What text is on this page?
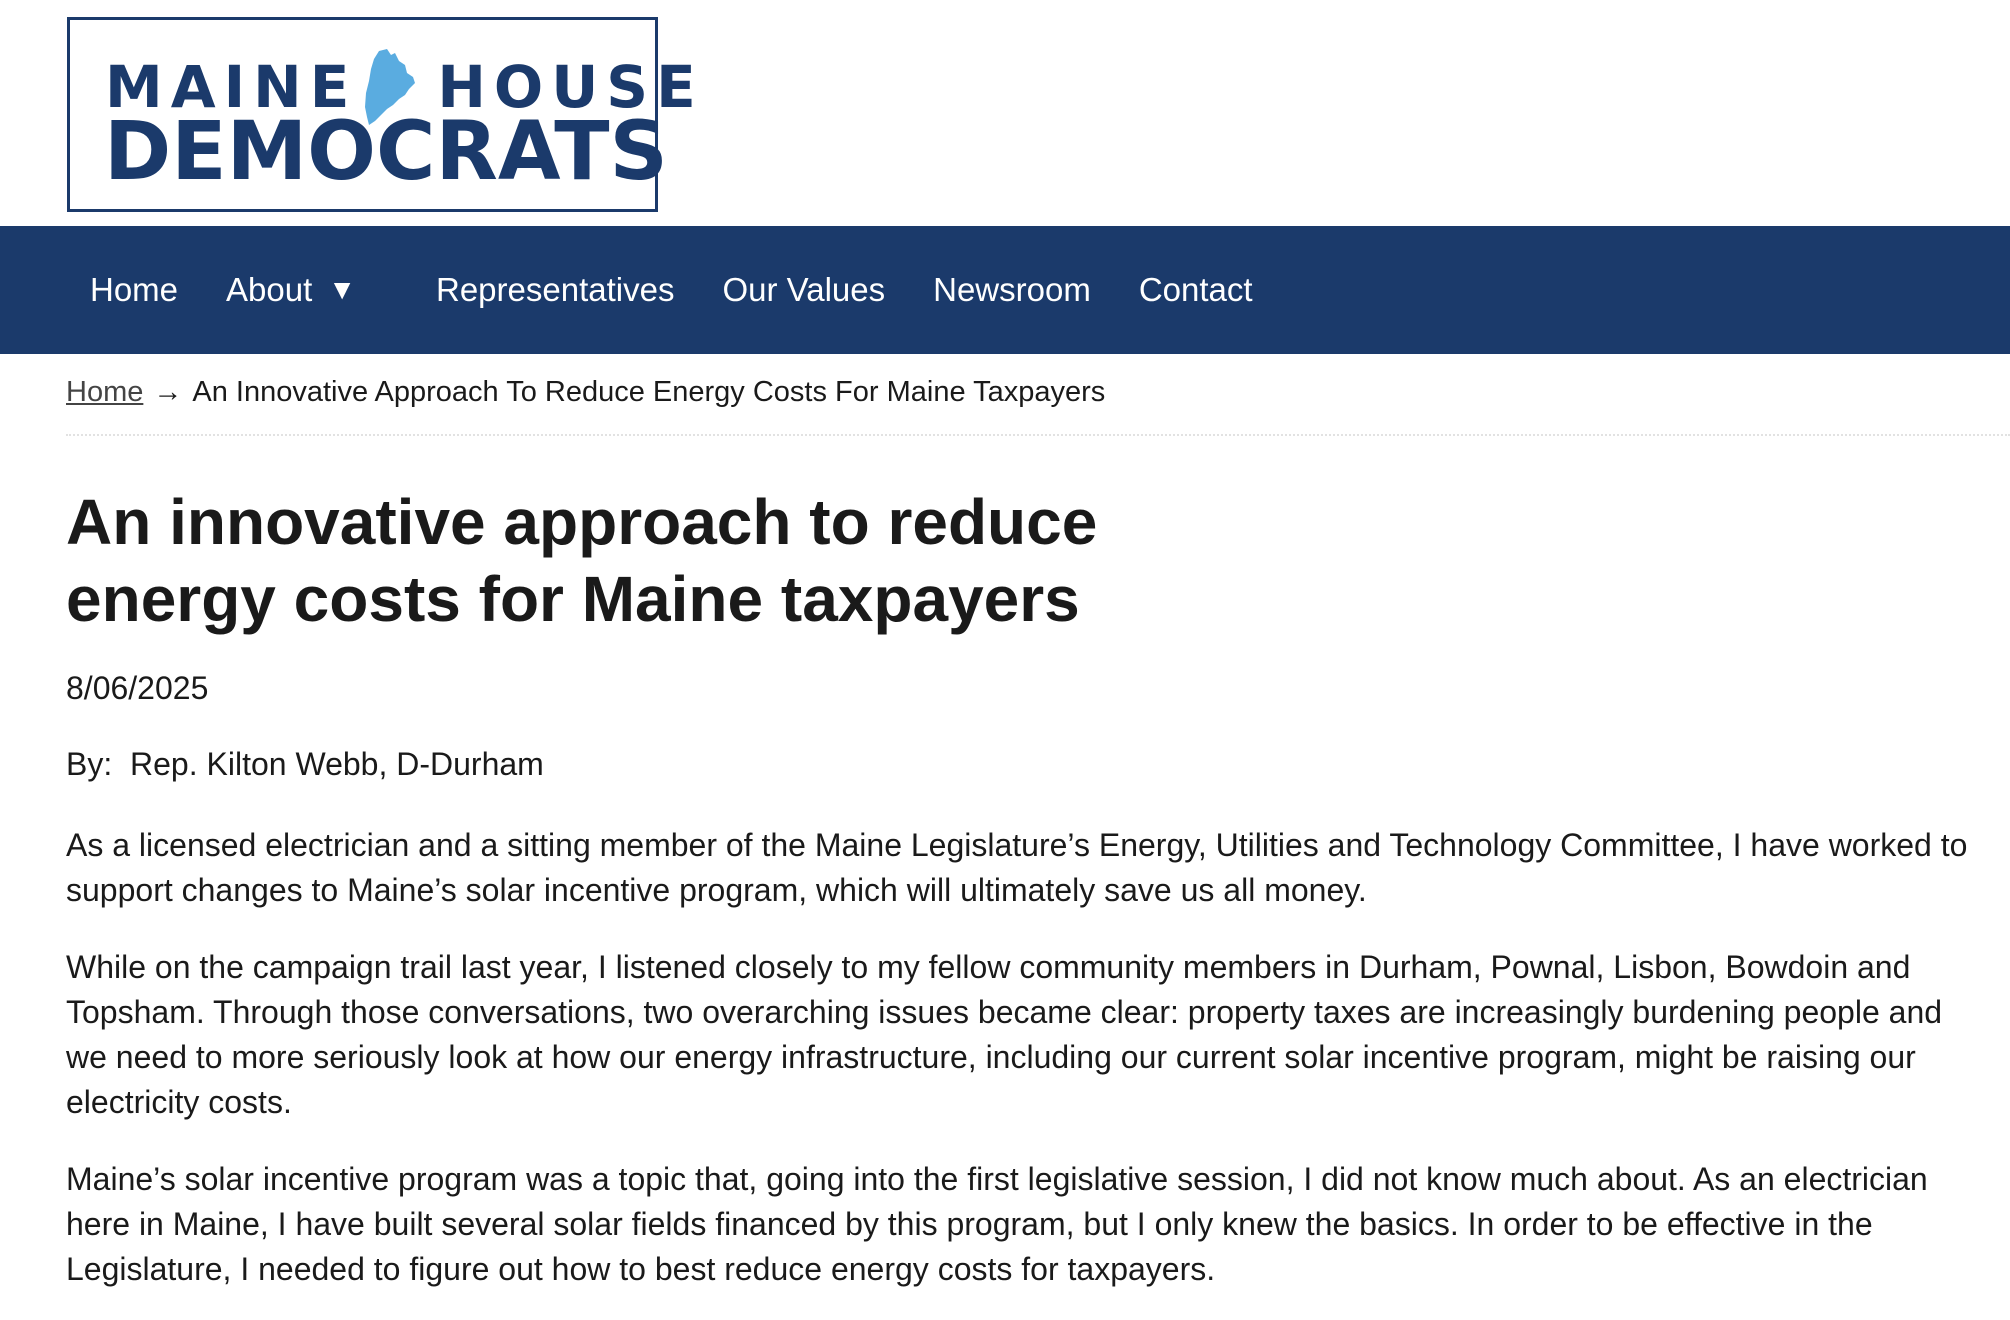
MAINE HOUSE
DEMOCRATS
Home About ▼ Representatives Our Values Newsroom Contact
Home → An Innovative Approach To Reduce Energy Costs For Maine Taxpayers
An innovative approach to reduce energy costs for Maine taxpayers
8/06/2025
By:  Rep. Kilton Webb, D-Durham

As a licensed electrician and a sitting member of the Maine Legislature’s Energy, Utilities and Technology Committee, I have worked to support changes to Maine’s solar incentive program, which will ultimately save us all money.

While on the campaign trail last year, I listened closely to my fellow community members in Durham, Pownal, Lisbon, Bowdoin and Topsham. Through those conversations, two overarching issues became clear: property taxes are increasingly burdening people and we need to more seriously look at how our energy infrastructure, including our current solar incentive program, might be raising our electricity costs.

Maine’s solar incentive program was a topic that, going into the first legislative session, I did not know much about. As an electrician here in Maine, I have built several solar fields financed by this program, but I only knew the basics. In order to be effective in the Legislature, I needed to figure out how to best reduce energy costs for taxpayers.
